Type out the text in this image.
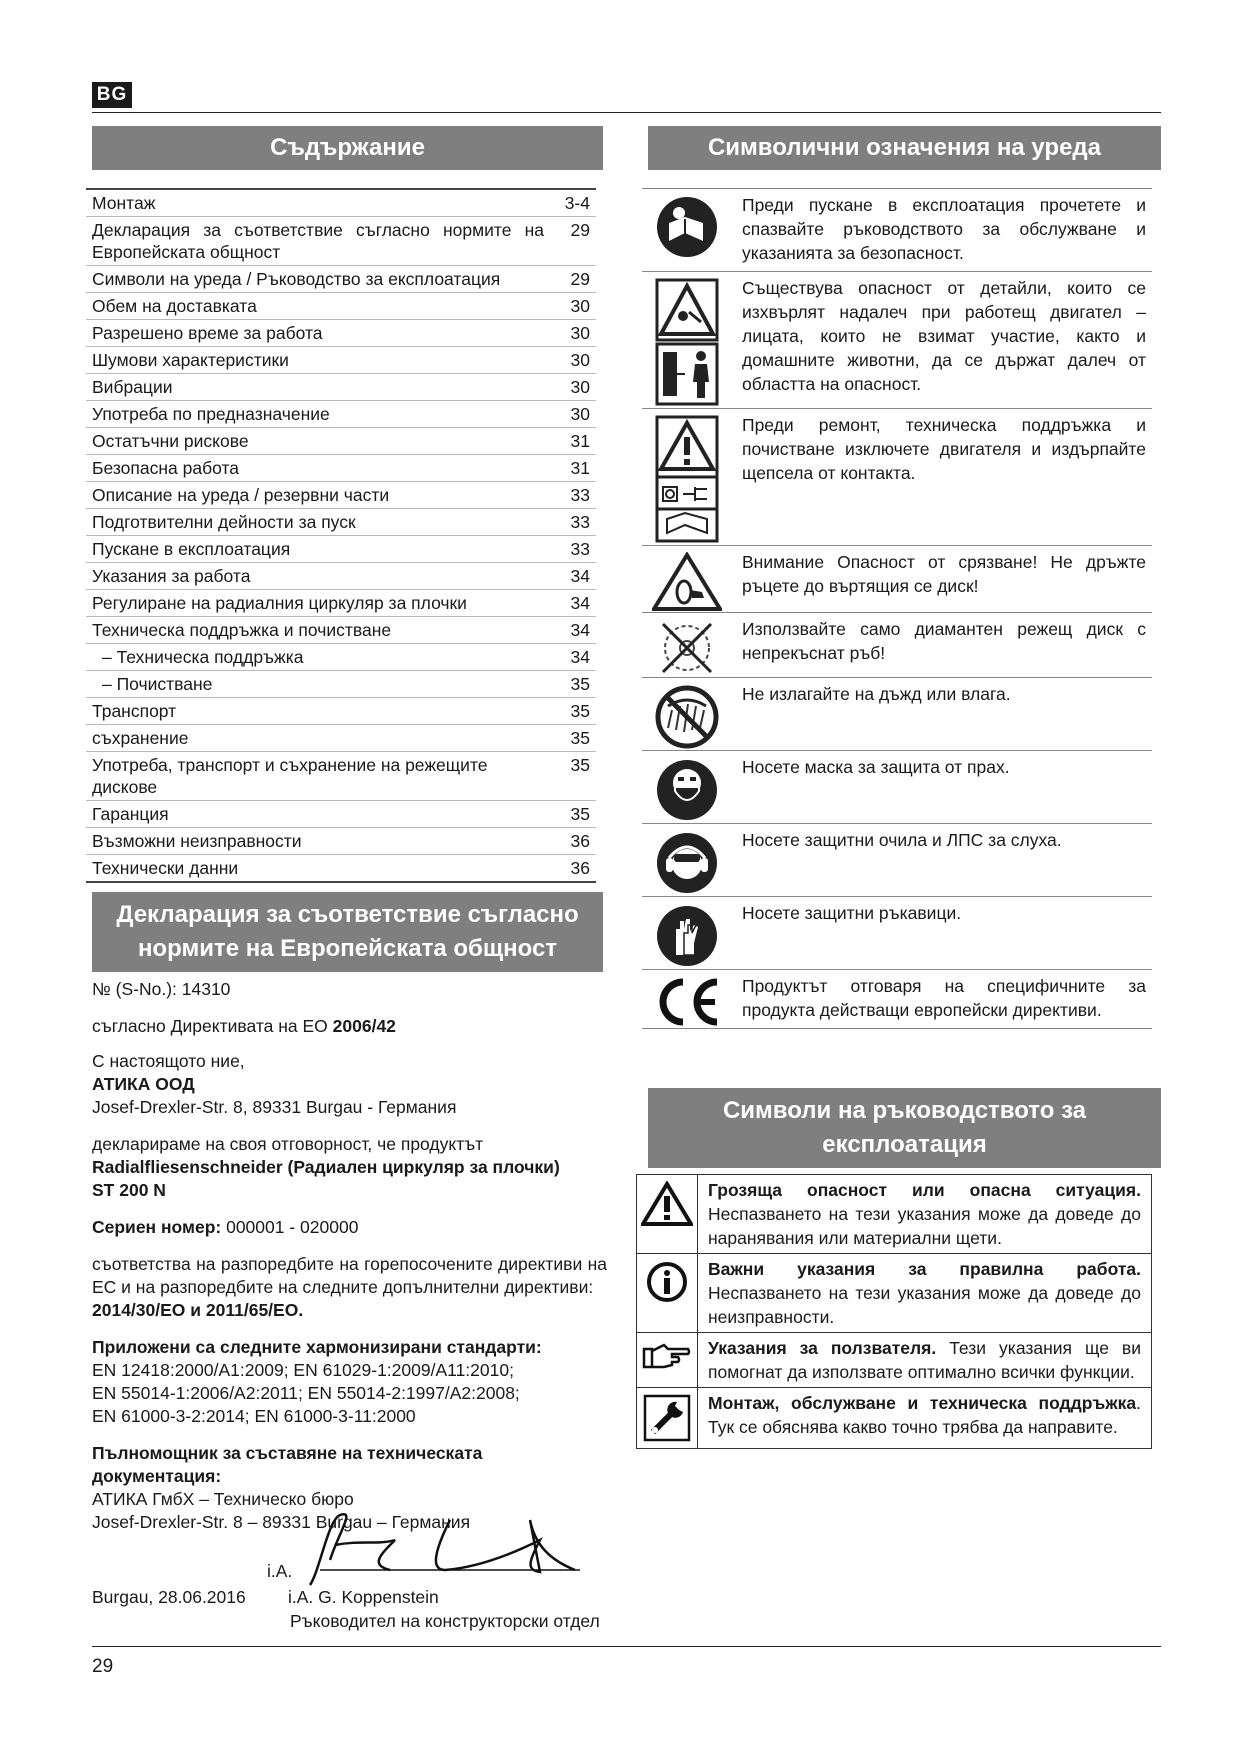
BG
Съдържание
Монтаж	3-4
Декларация за съответствие съгласно нормите на Европейската общност	29
Символи на уреда / Ръководство за експлоатация	29
Обем на доставката	30
Разрешено време за работа	30
Шумови характеристики	30
Вибрации	30
Употреба по предназначение	30
Остатъчни рискове	31
Безопасна работа	31
Описание на уреда / резервни части	33
Подготвителни дейности за пуск	33
Пускане в експлоатация	33
Указания за работа	34
Регулиране на радиалния циркуляр за плочки	34
Техническа поддръжка и почистване	34
– Техническа поддръжка	34
– Почистване	35
Транспорт	35
съхранение	35
Употреба, транспорт и съхранение на режещите дискове	35
Гаранция	35
Възможни неизправности	36
Технически данни	36
Декларация за съответствие съгласно
нормите на Европейската общност

№ (S-No.): 14310

съгласно Директивата на ЕО 2006/42

С настоящото ние,
АТИКА ООД
Josef-Drexler-Str. 8, 89331 Burgau - Германия

декларираме на своя отговорност, че продуктът
Radialfliesenschneider (Радиален циркуляр за плочки)
ST 200 N

Сериен номер: 000001 - 020000

съответства на разпоредбите на горепосочените директиви на ЕС и на разпоредбите на следните допълнителни директиви:
2014/30/ЕО и 2011/65/ЕО.

Приложени са следните хармонизирани стандарти:
EN 12418:2000/A1:2009; EN 61029-1:2009/A11:2010;
EN 55014-1:2006/A2:2011; EN 55014-2:1997/A2:2008;
EN 61000-3-2:2014; EN 61000-3-11:2000

Пълномощник за съставяне на техническата документация:
АТИКА ГмбХ – Техническо бюро
Josef-Drexler-Str. 8 – 89331 Burgau – Германия

i.A.
Burgau, 28.06.2016 i.A. G. Koppenstein
Ръководител на конструкторски отдел
Символични означения на уреда
	Преди пускане в експлоатация прочетете и спазвайте ръководството за обслужване и указанията за безопасност.

	Съществува опасност от детайли, които се изхвърлят надалеч при работещ двигател – лицата, които не взимат участие, както и домашните животни, да се държат далеч от областта на опасност.

	Преди ремонт, техническа поддръжка и почистване изключете двигателя и издърпайте щепсела от контакта.

	Внимание Опасност от срязване! Не дръжте ръцете до въртящия се диск!

	Използвайте само диамантен режещ диск с непрекъснат ръб!

	Не излагайте на дъжд или влага.

	Носете маска за защита от прах.

	Носете защитни очила и ЛПС за слуха.

	Носете защитни ръкавици.

	Продуктът отговаря на специфичните за продукта действащи европейски директиви.
Символи на ръководството за
експлоатация
	Грозяща опасност или опасна ситуация. Неспазването на тези указания може да доведе до наранявания или материални щети.

	Важни указания за правилна работа. Неспазването на тези указания може да доведе до неизправности.

	Указания за ползвателя. Тези указания ще ви помогнат да използвате оптимално всички функции.

	Монтаж, обслужване и техническа поддръжка. Тук се обяснява какво точно трябва да направите.
29
